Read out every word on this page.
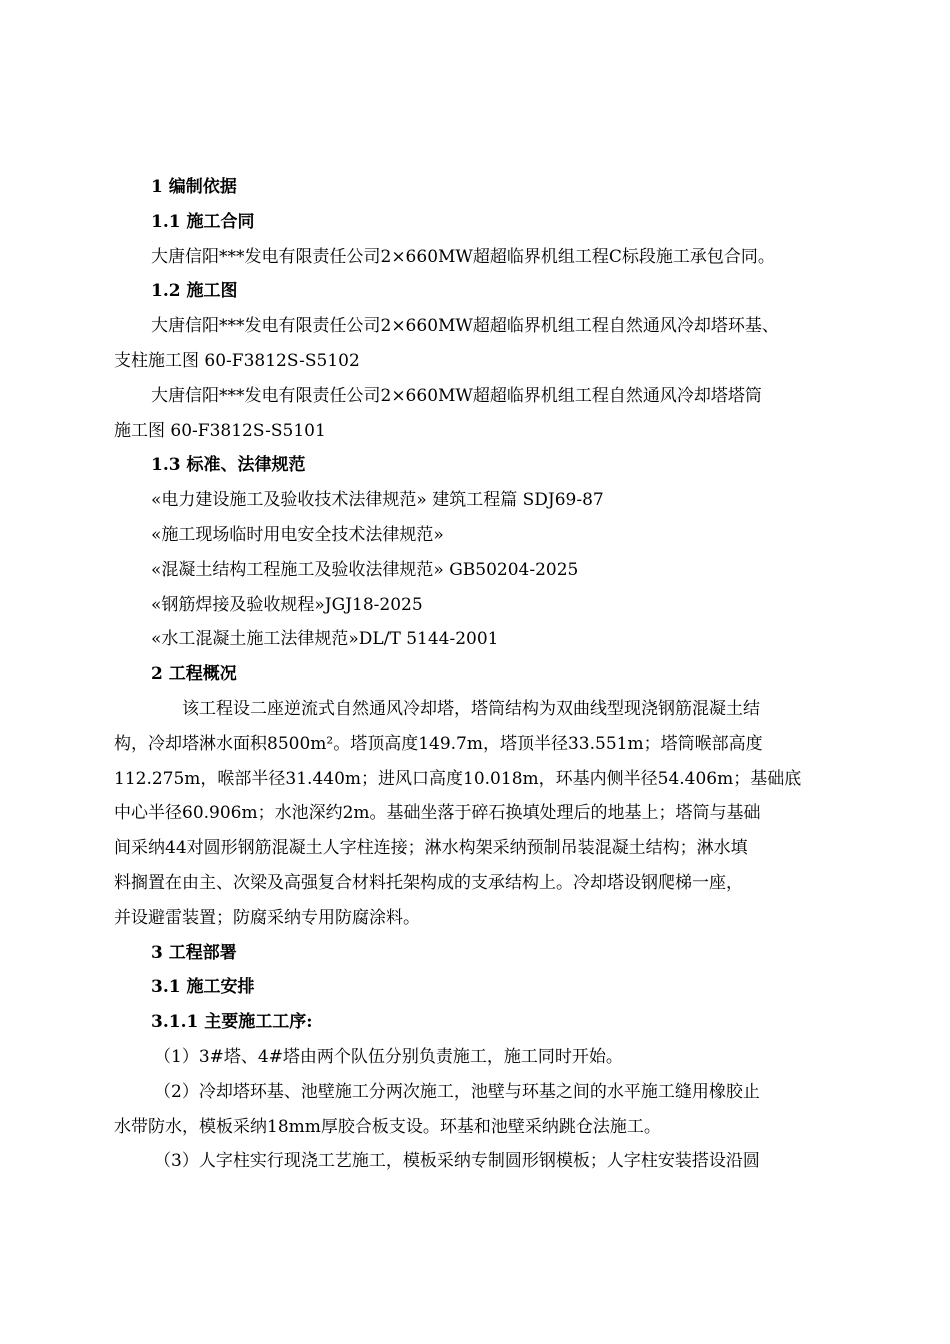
1 编制依据
1.1 施工合同
大唐信阳***发电有限责任公司2×660MW超超临界机组工程C标段施工承包合同。
1.2 施工图
大唐信阳***发电有限责任公司2×660MW超超临界机组工程自然通风冷却塔环基、
支柱施工图 60-F3812S-S5102
大唐信阳***发电有限责任公司2×660MW超超临界机组工程自然通风冷却塔塔筒
施工图 60-F3812S-S5101
1.3 标准、法律规范
«电力建设施工及验收技术法律规范» 建筑工程篇 SDJ69-87
«施工现场临时用电安全技术法律规范»
«混凝土结构工程施工及验收法律规范» GB50204-2025
«钢筋焊接及验收规程»JGJ18-2025
«水工混凝土施工法律规范»DL/T 5144-2001
2 工程概况
该工程设二座逆流式自然通风冷却塔，塔筒结构为双曲线型现浇钢筋混凝土结
构，冷却塔淋水面积8500m²。塔顶高度149.7m，塔顶半径33.551m；塔筒喉部高度
112.275m，喉部半径31.440m；进风口高度10.018m，环基内侧半径54.406m；基础底
中心半径60.906m；水池深约2m。基础坐落于碎石换填处理后的地基上；塔筒与基础
间采纳44对圆形钢筋混凝土人字柱连接；淋水构架采纳预制吊装混凝土结构；淋水填
料搁置在由主、次梁及高强复合材料托架构成的支承结构上。冷却塔设钢爬梯一座，
并设避雷装置；防腐采纳专用防腐涂料。
3 工程部署
3.1 施工安排
3.1.1 主要施工工序:
（1）3#塔、4#塔由两个队伍分别负责施工，施工同时开始。
（2）冷却塔环基、池壁施工分两次施工，池壁与环基之间的水平施工缝用橡胶止
水带防水，模板采纳18mm厚胶合板支设。环基和池壁采纳跳仓法施工。
（3）人字柱实行现浇工艺施工，模板采纳专制圆形钢模板；人字柱安装搭设沿圆
